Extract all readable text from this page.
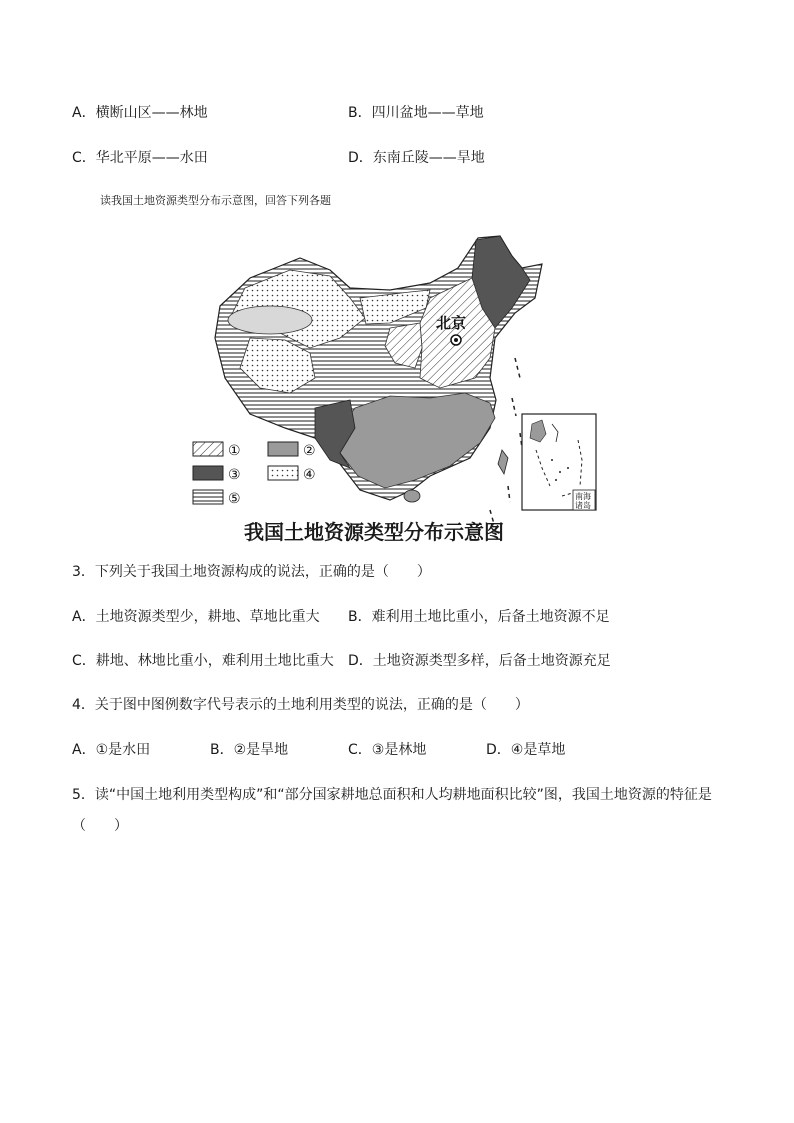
A．横断山区——林地	B．四川盆地——草地
C．华北平原——水田	D．东南丘陵——旱地
读我国土地资源类型分布示意图，回答下列各题
北京
南海
诸岛
①	②
③	④
⑤
我国土地资源类型分布示意图
3．下列关于我国土地资源构成的说法，正确的是（　　）
A．土地资源类型少，耕地、草地比重大 B．难利用土地比重小，后备土地资源不足
C．耕地、林地比重小，难利用土地比重大 D．土地资源类型多样，后备土地资源充足
4．关于图中图例数字代号表示的土地利用类型的说法，正确的是（　　）
A．①是水田	B．②是旱地	C．③是林地	D．④是草地
5．读“中国土地利用类型构成”和“部分国家耕地总面积和人均耕地面积比较”图，我国土地资源的特征是
（　　）
